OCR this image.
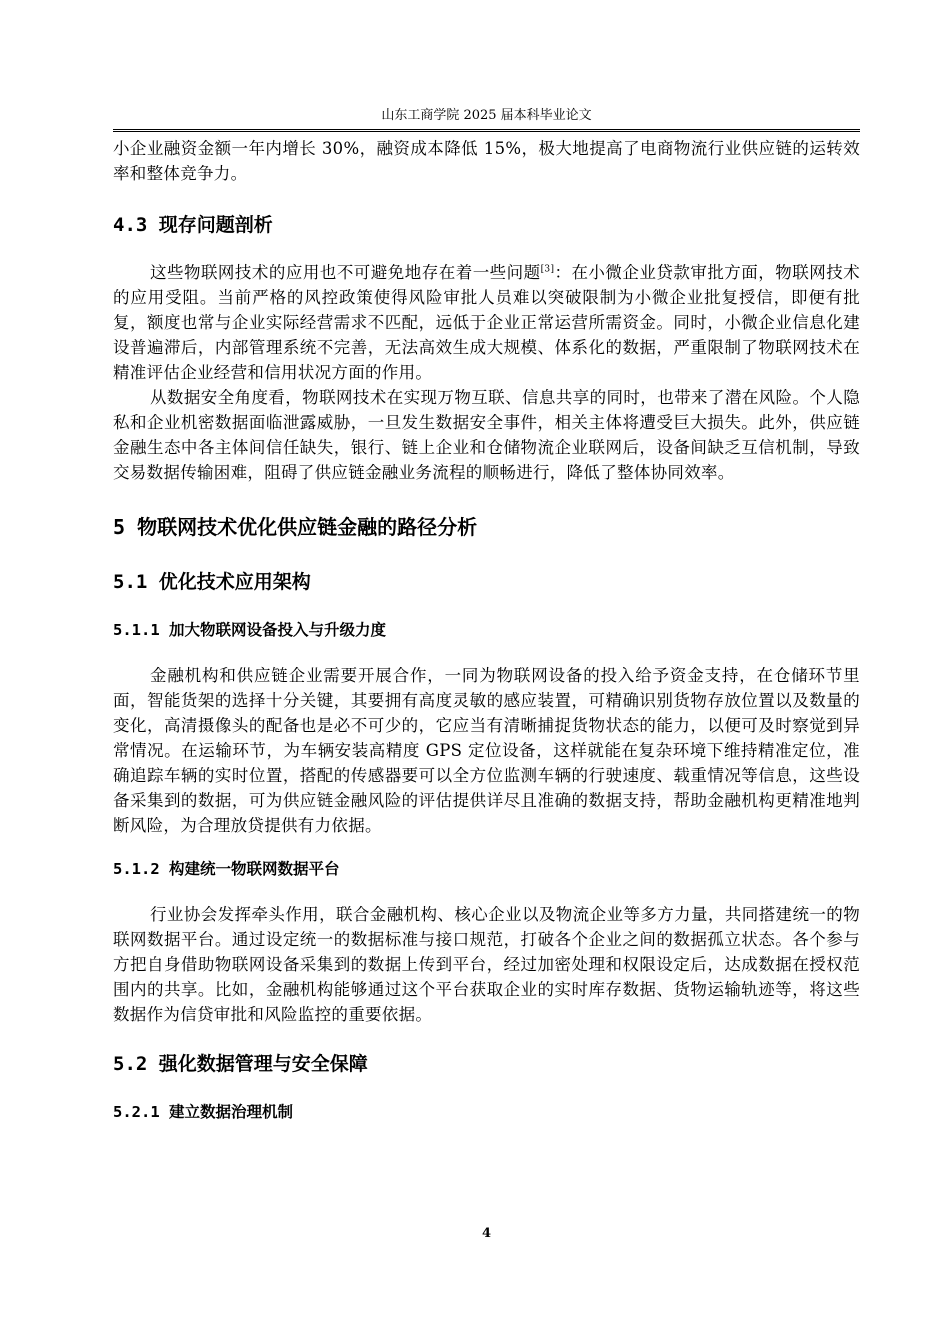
山东工商学院 2025 届本科毕业论文

小企业融资金额一年内增长 30%，融资成本降低 15%，极大地提高了电商物流行业供应链的运转效率和整体竞争力。

4.3 现存问题剖析

这些物联网技术的应用也不可避免地存在着一些问题[3]：在小微企业贷款审批方面，物联网技术的应用受阻。当前严格的风控政策使得风险审批人员难以突破限制为小微企业批复授信，即便有批复，额度也常与企业实际经营需求不匹配，远低于企业正常运营所需资金。同时，小微企业信息化建设普遍滞后，内部管理系统不完善，无法高效生成大规模、体系化的数据，严重限制了物联网技术在精准评估企业经营和信用状况方面的作用。

从数据安全角度看，物联网技术在实现万物互联、信息共享的同时，也带来了潜在风险。个人隐私和企业机密数据面临泄露威胁，一旦发生数据安全事件，相关主体将遭受巨大损失。此外，供应链金融生态中各主体间信任缺失，银行、链上企业和仓储物流企业联网后，设备间缺乏互信机制，导致交易数据传输困难，阻碍了供应链金融业务流程的顺畅进行，降低了整体协同效率。

5 物联网技术优化供应链金融的路径分析
5.1 优化技术应用架构
5.1.1 加大物联网设备投入与升级力度

金融机构和供应链企业需要开展合作，一同为物联网设备的投入给予资金支持，在仓储环节里面，智能货架的选择十分关键，其要拥有高度灵敏的感应装置，可精确识别货物存放位置以及数量的变化，高清摄像头的配备也是必不可少的，它应当有清晰捕捉货物状态的能力，以便可及时察觉到异常情况。在运输环节，为车辆安装高精度 GPS 定位设备，这样就能在复杂环境下维持精准定位，准确追踪车辆的实时位置，搭配的传感器要可以全方位监测车辆的行驶速度、载重情况等信息，这些设备采集到的数据，可为供应链金融风险的评估提供详尽且准确的数据支持，帮助金融机构更精准地判断风险，为合理放贷提供有力依据。

5.1.2 构建统一物联网数据平台

行业协会发挥牵头作用，联合金融机构、核心企业以及物流企业等多方力量，共同搭建统一的物联网数据平台。通过设定统一的数据标准与接口规范，打破各个企业之间的数据孤立状态。各个参与方把自身借助物联网设备采集到的数据上传到平台，经过加密处理和权限设定后，达成数据在授权范围内的共享。比如，金融机构能够通过这个平台获取企业的实时库存数据、货物运输轨迹等，将这些数据作为信贷审批和风险监控的重要依据。

5.2 强化数据管理与安全保障
5.2.1 建立数据治理机制
4
